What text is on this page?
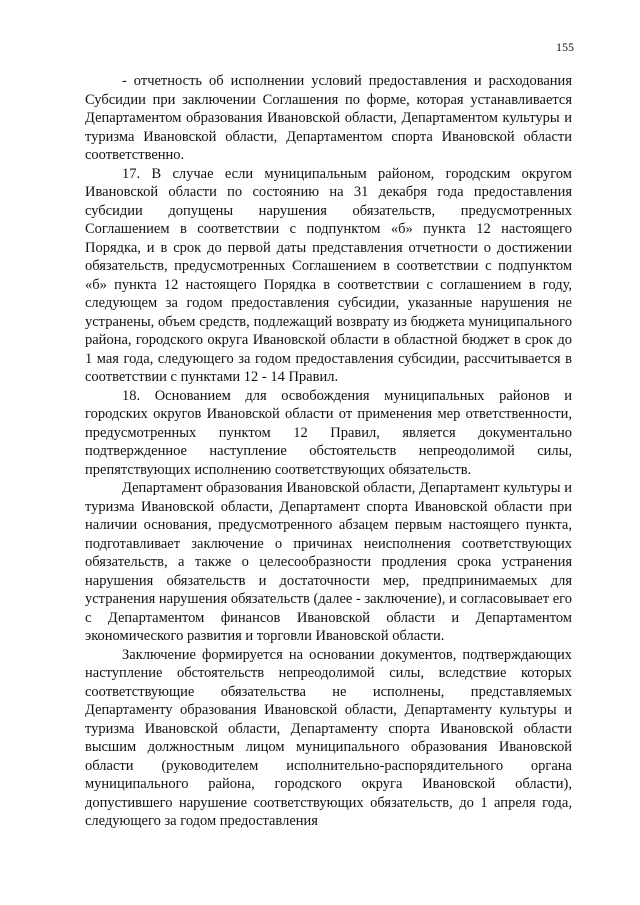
155

- отчетность об исполнении условий предоставления и расходования Субсидии при заключении Соглашения по форме, которая устанавливается Департаментом образования Ивановской области, Департаментом культуры и туризма Ивановской области, Департаментом спорта Ивановской области соответственно.

17. В случае если муниципальным районом, городским округом Ивановской области по состоянию на 31 декабря года предоставления субсидии допущены нарушения обязательств, предусмотренных Соглашением в соответствии с подпунктом «б» пункта 12 настоящего Порядка, и в срок до первой даты представления отчетности о достижении обязательств, предусмотренных Соглашением в соответствии с подпунктом «б» пункта 12 настоящего Порядка в соответствии с соглашением в году, следующем за годом предоставления субсидии, указанные нарушения не устранены, объем средств, подлежащий возврату из бюджета муниципального района, городского округа Ивановской области в областной бюджет в срок до 1 мая года, следующего за годом предоставления субсидии, рассчитывается в соответствии с пунктами 12 - 14 Правил.

18. Основанием для освобождения муниципальных районов и городских округов Ивановской области от применения мер ответственности, предусмотренных пунктом 12 Правил, является документально подтвержденное наступление обстоятельств непреодолимой силы, препятствующих исполнению соответствующих обязательств.

Департамент образования Ивановской области, Департамент культуры и туризма Ивановской области, Департамент спорта Ивановской области при наличии основания, предусмотренного абзацем первым настоящего пункта, подготавливает заключение о причинах неисполнения соответствующих обязательств, а также о целесообразности продления срока устранения нарушения обязательств и достаточности мер, предпринимаемых для устранения нарушения обязательств (далее - заключение), и согласовывает его с Департаментом финансов Ивановской области и Департаментом экономического развития и торговли Ивановской области.

Заключение формируется на основании документов, подтверждающих наступление обстоятельств непреодолимой силы, вследствие которых соответствующие обязательства не исполнены, представляемых Департаменту образования Ивановской области, Департаменту культуры и туризма Ивановской области, Департаменту спорта Ивановской области высшим должностным лицом муниципального образования Ивановской области (руководителем исполнительно-распорядительного органа муниципального района, городского округа Ивановской области), допустившего нарушение соответствующих обязательств, до 1 апреля года, следующего за годом предоставления
